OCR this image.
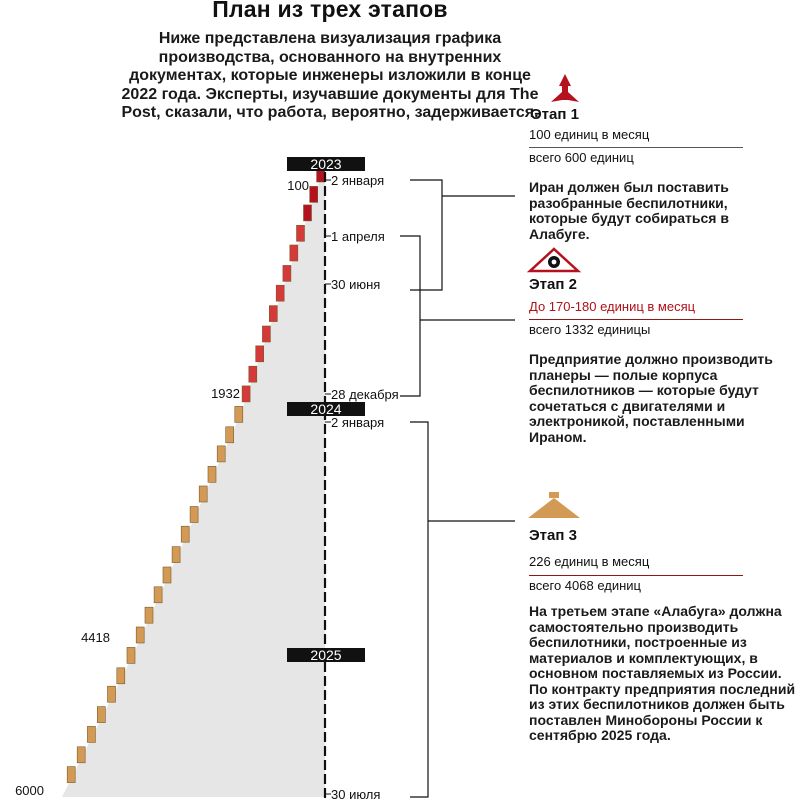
План из трех этапов
Ниже представлена визуализация графика производства, основанного на внутренних документах, которые инженеры изложили в конце 2022 года. Эксперты, изучавшие документы для The Post, сказали, что работа, вероятно, задерживается.
2023
2024
2025
2 января
1 апреля
30 июня
28 декабря
2 января
30 июля
100
1932
4418
6000
Этап 1
100 единиц в месяц
всего 600 единиц
Иран должен был поставить разобранные беспилотники, которые будут собираться в Алабуге.
Этап 2
До 170-180 единиц в месяц
всего 1332 единицы
Предприятие должно производить планеры — полые корпуса беспилотников — которые будут сочетаться с двигателями и электроникой, поставленными Ираном.
Этап 3
226 единиц в месяц
всего 4068 единиц
На третьем этапе «Алабуга» должна самостоятельно производить беспилотники, построенные из материалов и комплектующих, в основном поставляемых из России. По контракту предприятия последний из этих беспилотников должен быть поставлен Минобороны России к сентябрю 2025 года.
